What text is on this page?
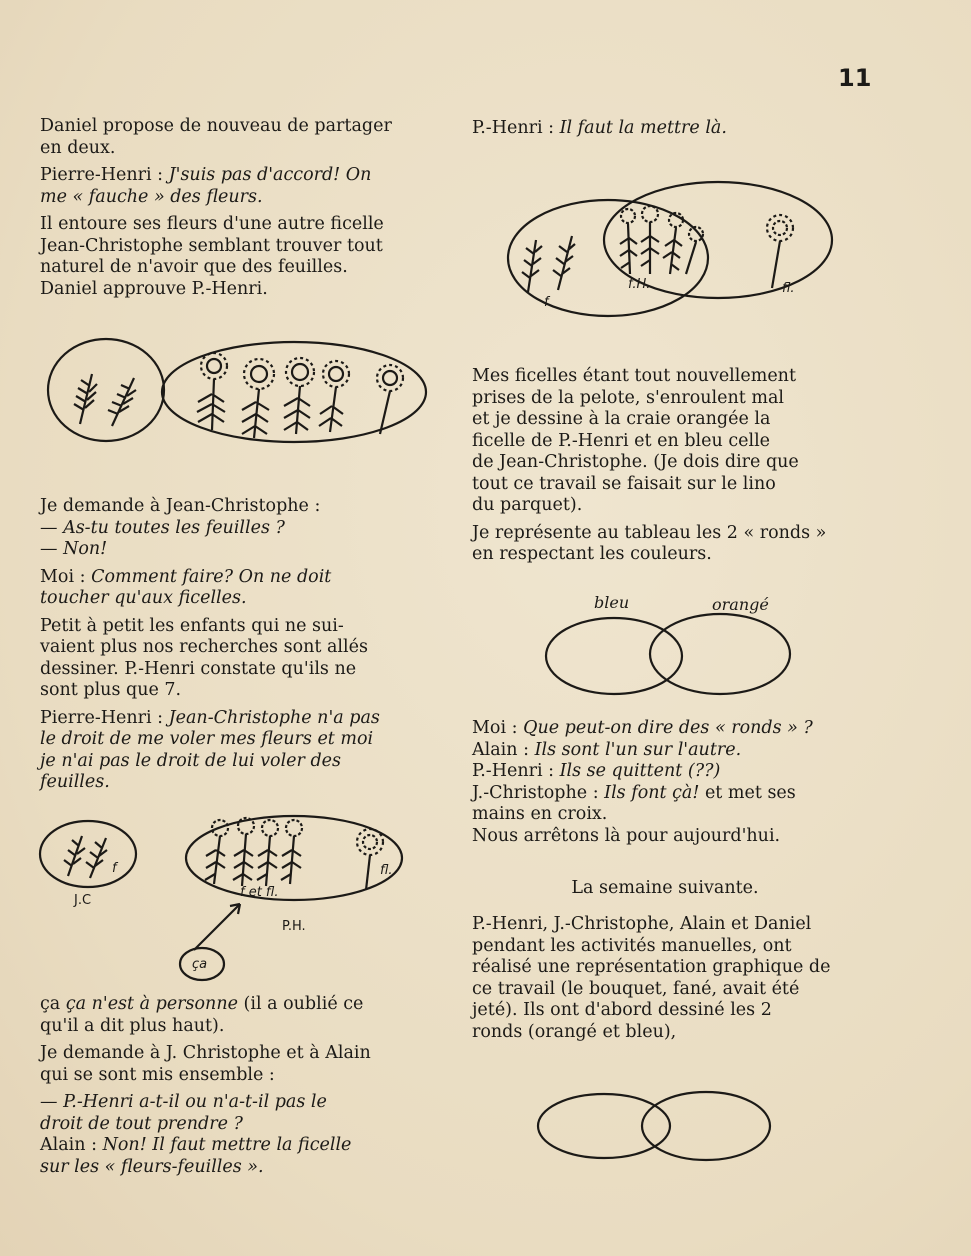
11

Daniel propose de nouveau de partager
en deux.

Pierre-Henri : J'suis pas d'accord! On
me « fauche » des fleurs.

Il entoure ses fleurs d'une autre ficelle
Jean-Christophe semblant trouver tout
naturel de n'avoir que des feuilles.
Daniel approuve P.-Henri.

Je demande à Jean-Christophe :

— As-tu toutes les feuilles ?

— Non!

Moi : Comment faire? On ne doit
toucher qu'aux ficelles.

Petit à petit les enfants qui ne sui-
vaient plus nos recherches sont allés
dessiner. P.-Henri constate qu'ils ne
sont plus que 7.

Pierre-Henri : Jean-Christophe n'a pas
le droit de me voler mes fleurs et moi
je n'ai pas le droit de lui voler des
feuilles.

J.C
f
f et fl.
fl.
P.H.
ça

ça ça n'est à personne (il a oublié ce
qu'il a dit plus haut).

Je demande à J. Christophe et à Alain
qui se sont mis ensemble :

— P.-Henri a-t-il ou n'a-t-il pas le
droit de tout prendre ?

Alain : Non! Il faut mettre la ficelle
sur les « fleurs-feuilles ».

P.-Henri : Il faut la mettre là.

f
f.H.	fl.

Mes ficelles étant tout nouvellement
prises de la pelote, s'enroulent mal
et je dessine à la craie orangée la
ficelle de P.-Henri et en bleu celle
de Jean-Christophe. (Je dois dire que
tout ce travail se faisait sur le lino
du parquet).

Je représente au tableau les 2 « ronds »
en respectant les couleurs.

bleu	orangé

Moi : Que peut-on dire des « ronds » ?

Alain : Ils sont l'un sur l'autre.

P.-Henri : Ils se quittent (??)

J.-Christophe : Ils font çà! et met ses
mains en croix.

Nous arrêtons là pour aujourd'hui.

La semaine suivante.

P.-Henri, J.-Christophe, Alain et Daniel
pendant les activités manuelles, ont
réalisé une représentation graphique de
ce travail (le bouquet, fané, avait été
jeté). Ils ont d'abord dessiné les 2
ronds (orangé et bleu),
